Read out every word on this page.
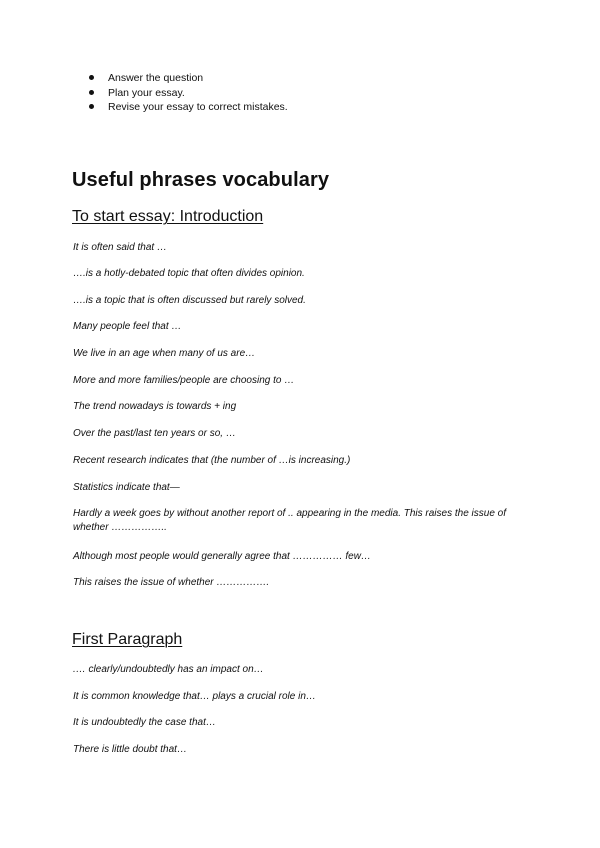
Answer the question
Plan your essay.
Revise your essay to correct mistakes.
Useful phrases vocabulary
To start essay: Introduction

It is often said that …

….is a hotly-debated topic that often divides opinion.

….is a topic that is often discussed but rarely solved.

Many people feel that …

We live in an age when many of us are…

More and more families/people are choosing to …

The trend nowadays is towards + ing

Over the past/last ten years or so, …

Recent research indicates that (the number of …is increasing.)

Statistics indicate that—

Hardly a week goes by without another report of .. appearing in the media. This raises the issue of whether ……………..

Although most people would generally agree that …………… few…

This raises the issue of whether …………….

First Paragraph

.… clearly/undoubtedly has an impact on…

It is common knowledge that… plays a crucial role in…

It is undoubtedly the case that…

There is little doubt that…
